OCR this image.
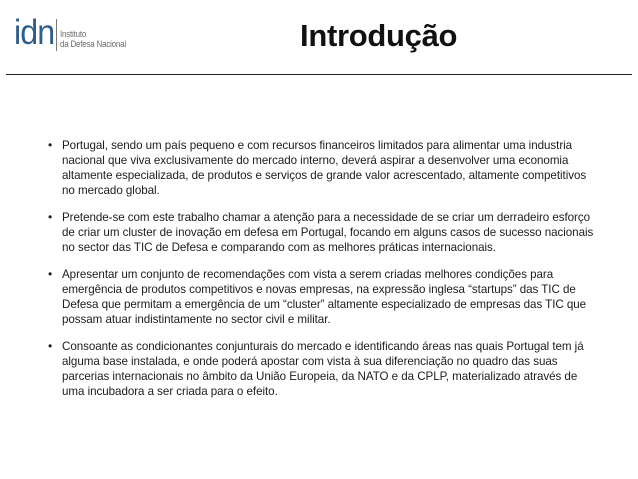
idn Instituto
da Defesa Nacional	Introdução
• Portugal, sendo um país pequeno e com recursos financeiros limitados para alimentar uma industria nacional que viva exclusivamente do mercado interno, deverá aspirar a desenvolver uma economia altamente especializada, de produtos e serviços de grande valor acrescentado, altamente competitivos no mercado global.
• Pretende-se com este trabalho chamar a atenção para a necessidade de se criar um derradeiro esforço de criar um cluster de inovação em defesa em Portugal, focando em alguns casos de sucesso nacionais no sector das TIC de Defesa e comparando com as melhores práticas internacionais.
• Apresentar um conjunto de recomendações com vista a serem criadas melhores condições para emergência de produtos competitivos e novas empresas, na expressão inglesa “startups” das TIC de Defesa que permitam a emergência de um “cluster” altamente especializado de empresas das TIC que possam atuar indistintamente no sector civil e militar.
• Consoante as condicionantes conjunturais do mercado e identificando áreas nas quais Portugal tem já alguma base instalada, e onde poderá apostar com vista à sua diferenciação no quadro das suas parcerias internacionais no âmbito da União Europeia, da NATO e da CPLP, materializado através de uma incubadora a ser criada para o efeito.
